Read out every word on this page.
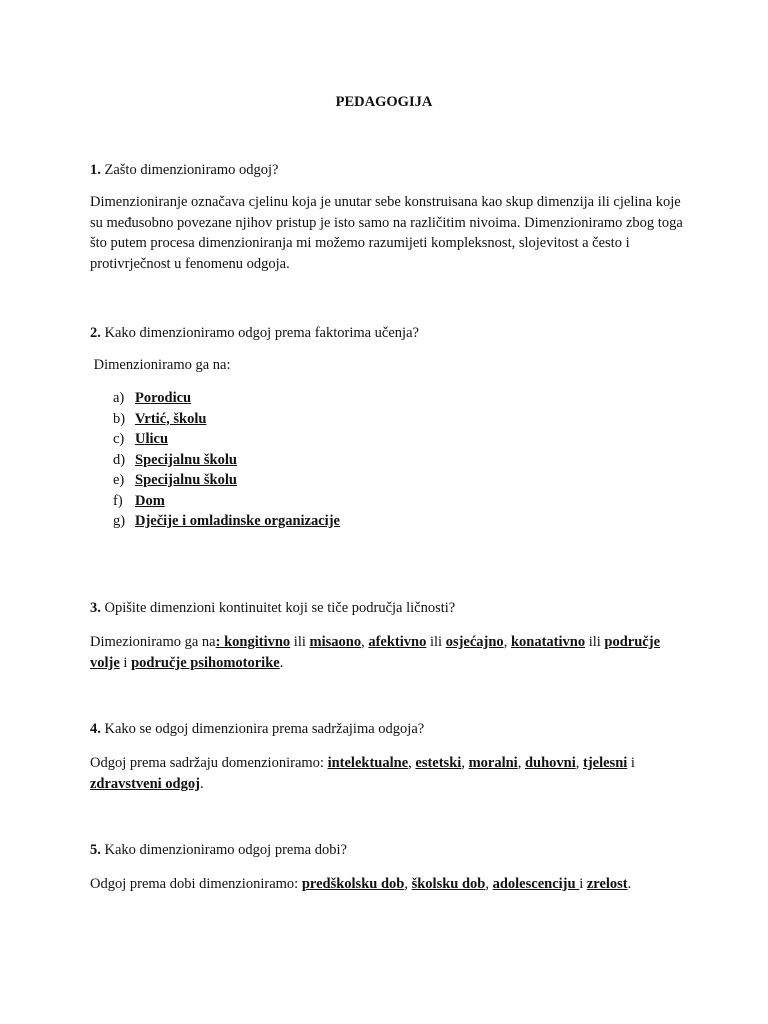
PEDAGOGIJA
1. Zašto dimenzioniramo odgoj?
Dimenzioniranje označava cjelinu koja je unutar sebe konstruisana kao skup dimenzija ili cjelina koje su međusobno povezane njihov pristup je isto samo na različitim nivoima. Dimenzioniramo zbog toga što putem procesa dimenzioniranja mi možemo razumijeti kompleksnost, slojevitost a često i protivrječnost u fenomenu odgoja.
2. Kako dimenzioniramo odgoj prema faktorima učenja?
Dimenzioniramo ga na:
a) Porodicu
b) Vrtić, školu
c) Ulicu
d) Specijalnu školu
e) Specijalnu školu
f) Dom
g) Dječije i omladinske organizacije
3. Opišite dimenzioni kontinuitet koji se tiče područja ličnosti?
Dimezioniramo ga na: kongitivno ili misaono, afektivno ili osjećajno, konatativno ili područje volje i područje psihomotorike.
4. Kako se odgoj dimenzionira prema sadržajima odgoja?
Odgoj prema sadržaju domenzioniramo: intelektualne, estetski, moralni, duhovni, tjelesni i zdravstveni odgoj.
5. Kako dimenzioniramo odgoj prema dobi?
Odgoj prema dobi dimenzioniramo: predškolsku dob, školsku dob, adolescenciju i zrelost.
